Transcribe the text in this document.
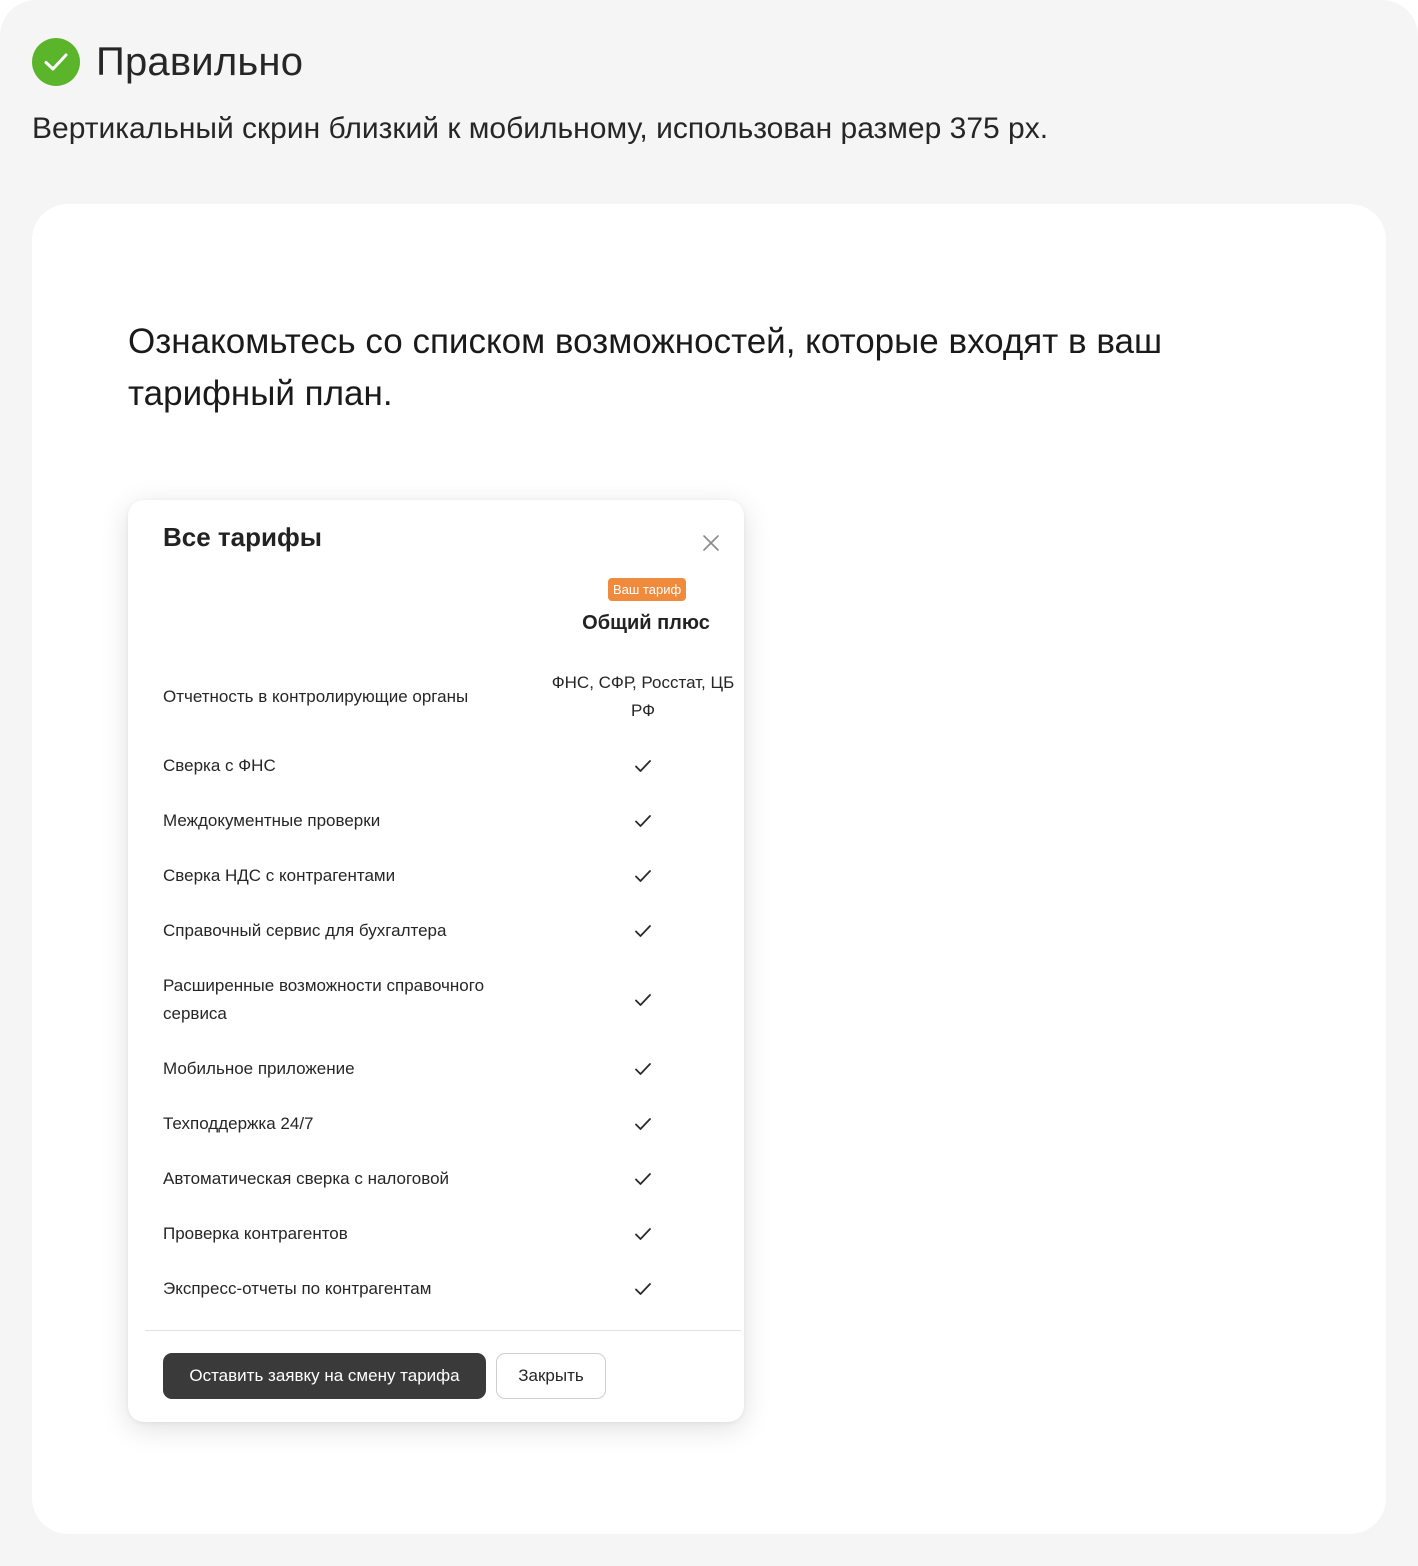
Правильно
Вертикальный скрин близкий к мобильному, использован размер 375 px.
Ознакомьтесь со списком возможностей, которые входят в ваш тарифный план.
Все тарифы
Ваш тариф
Общий плюс
Отчетность в контролирующие органы
ФНС, СФР, Росстат, ЦБ РФ
Сверка с ФНС
Междокументные проверки
Сверка НДС с контрагентами
Справочный сервис для бухгалтера
Расширенные возможности справочного сервиса
Мобильное приложение
Техподдержка 24/7
Автоматическая сверка с налоговой
Проверка контрагентов
Экспресс-отчеты по контрагентам
Оставить заявку на смену тарифа	Закрыть
